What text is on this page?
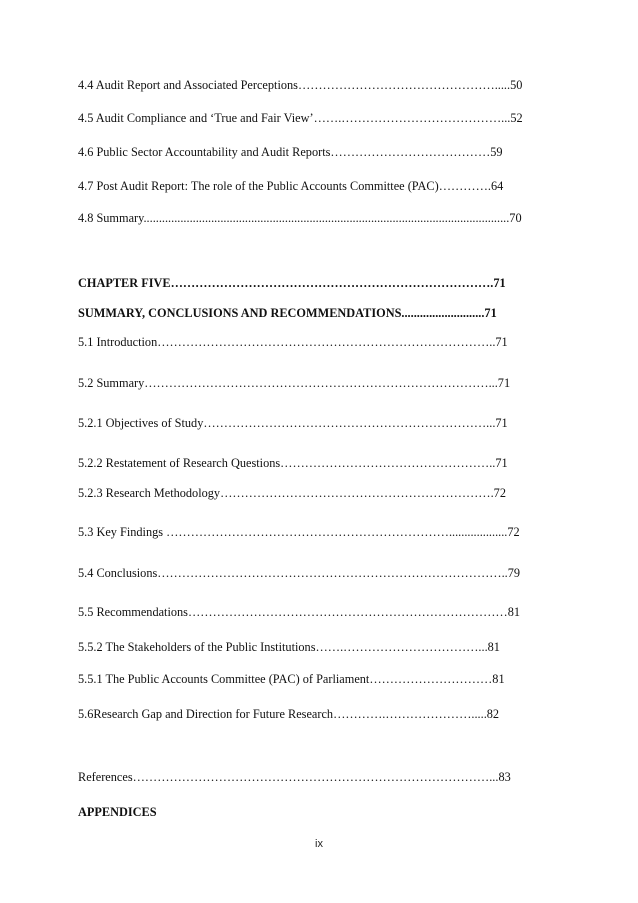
4.4 Audit Report and Associated Perceptions………………………………………….....50
4.5 Audit Compliance and ‘True and Fair View’…….…………………………………...52
4.6 Public Sector Accountability and Audit Reports…………………………………59
4.7 Post Audit Report: The role of the Public Accounts Committee (PAC)………….64
4.8 Summary.......................................................................................................................70
CHAPTER FIVE…………………………………………………………………….71
SUMMARY, CONCLUSIONS AND RECOMMENDATIONS...........................71
5.1 Introduction………………………………………………………………………..71
5.2 Summary…………………………………………………………………………...71
5.2.1 Objectives of Study……………………………………………………………...71
5.2.2 Restatement of Research Questions……………………………………………..71
5.2.3 Research Methodology………………………………………………………….72
5.3 Key Findings ……………………………………………………………...................72
5.4 Conclusions…………………………………………………………………………..79
5.5 Recommendations……………………………………………………………………81
5.5.2 The Stakeholders of the Public Institutions…….……………………………...81
5.5.1 The Public Accounts Committee (PAC) of Parliament…………………………81
5.6Research Gap and Direction for Future Research………….………………….....82
References……………………………………………………………………………...83
APPENDICES
ix
